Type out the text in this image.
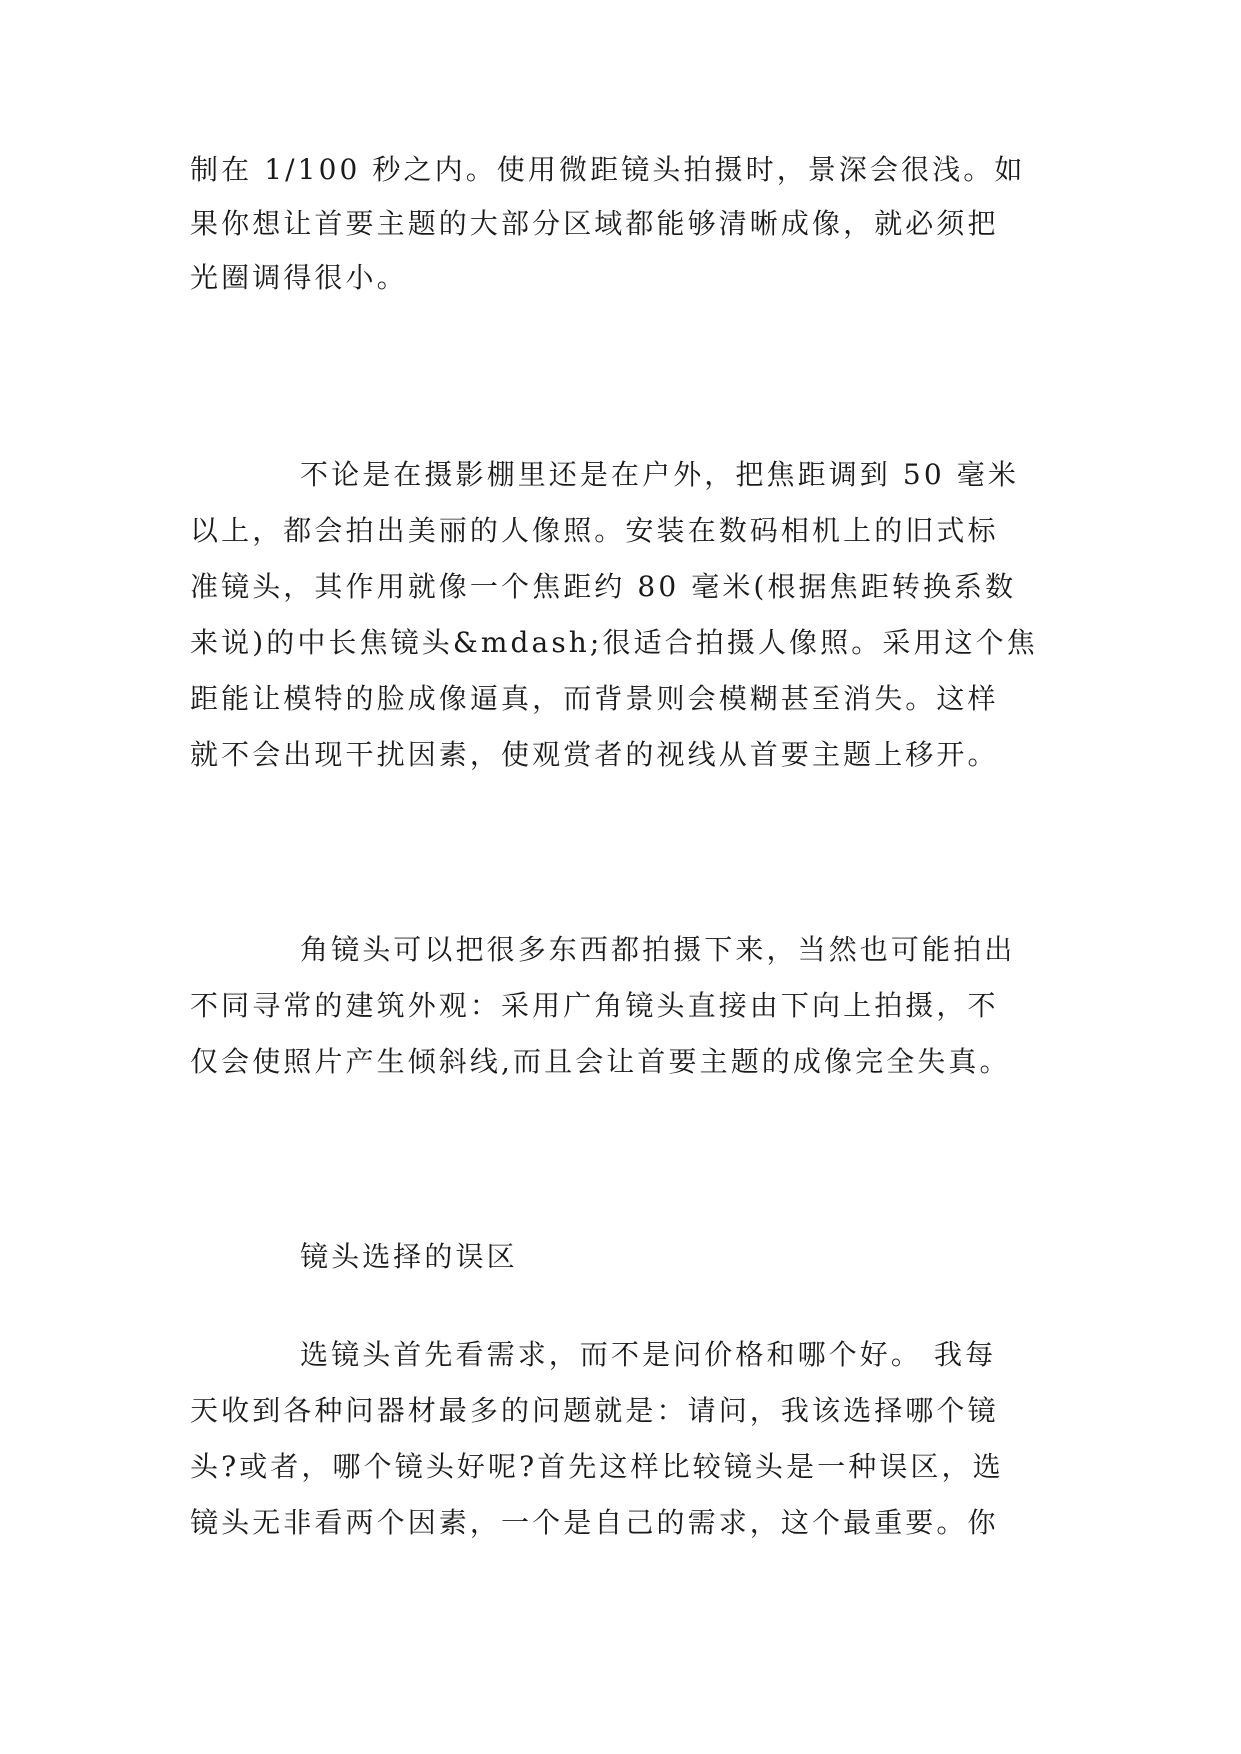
制在 1/100 秒之内。使用微距镜头拍摄时，景深会很浅。如
果你想让首要主题的大部分区域都能够清晰成像，就必须把
光圈调得很小。
不论是在摄影棚里还是在户外，把焦距调到 50 毫米
以上，都会拍出美丽的人像照。安装在数码相机上的旧式标
准镜头，其作用就像一个焦距约 80 毫米(根据焦距转换系数
来说)的中长焦镜头&mdash;很适合拍摄人像照。采用这个焦
距能让模特的脸成像逼真，而背景则会模糊甚至消失。这样
就不会出现干扰因素，使观赏者的视线从首要主题上移开。
角镜头可以把很多东西都拍摄下来，当然也可能拍出
不同寻常的建筑外观：采用广角镜头直接由下向上拍摄，不
仅会使照片产生倾斜线,而且会让首要主题的成像完全失真。
镜头选择的误区
选镜头首先看需求，而不是问价格和哪个好。 我每
天收到各种问器材最多的问题就是：请问，我该选择哪个镜
头?或者，哪个镜头好呢?首先这样比较镜头是一种误区，选
镜头无非看两个因素，一个是自己的需求，这个最重要。你
